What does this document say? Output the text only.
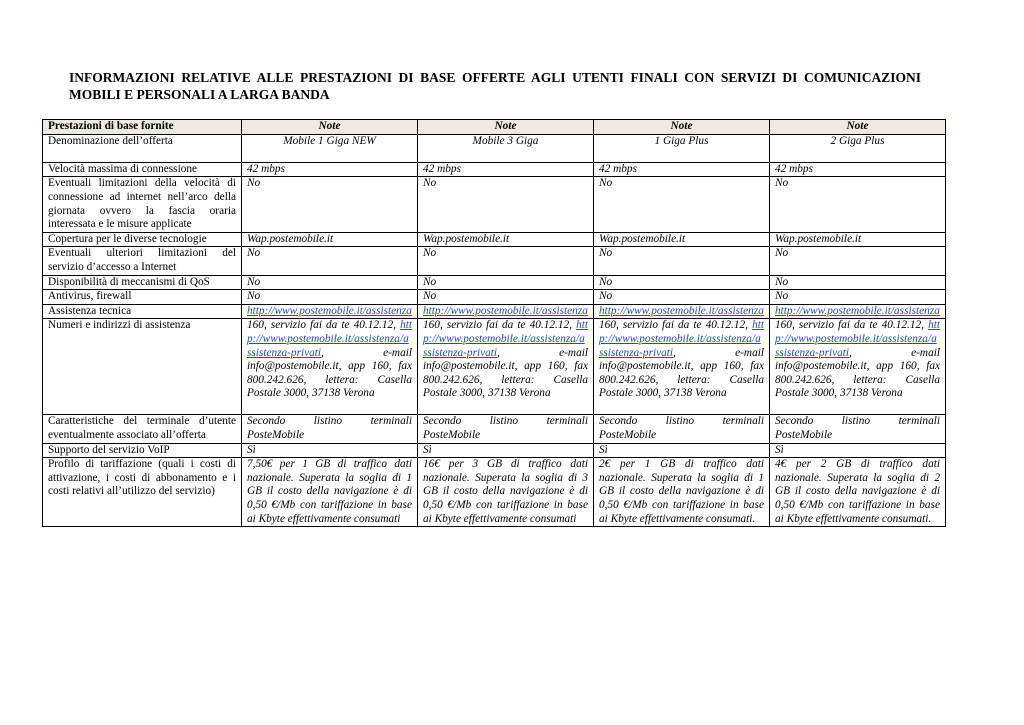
INFORMAZIONI RELATIVE ALLE PRESTAZIONI DI BASE OFFERTE AGLI UTENTI FINALI CON SERVIZI DI COMUNICAZIONI MOBILI E PERSONALI A LARGA BANDA
Prestazioni di base fornite	Note	Note	Note	Note
Denominazione dell’offerta	Mobile 1 Giga NEW	Mobile 3 Giga	1 Giga Plus	2 Giga Plus
Velocità massima di connessione	42 mbps	42 mbps	42 mbps	42 mbps
Eventuali limitazioni della velocità di connessione ad internet nell’arco della giornata ovvero la fascia oraria interessata e le misure applicate	No	No	No	No
Copertura per le diverse tecnologie	Wap.postemobile.it	Wap.postemobile.it	Wap.postemobile.it	Wap.postemobile.it
Eventuali ulteriori limitazioni del servizio d’accesso a Internet	No	No	No	No
Disponibilità di meccanismi di QoS	No	No	No	No
Antivirus, firewall	No	No	No	No
Assistenza tecnica	http://www.postemobile.it/assistenza	http://www.postemobile.it/assistenza	http://www.postemobile.it/assistenza	http://www.postemobile.it/assistenza
Numeri e indirizzi di assistenza	160, servizio fai da te 40.12.12, http://www.postemobile.it/assistenza/assistenza-privati, e-mail info@postemobile.it, app 160, fax 800.242.626, lettera: Casella Postale 3000, 37138 Verona	160, servizio fai da te 40.12.12, http://www.postemobile.it/assistenza/assistenza-privati, e-mail info@postemobile.it, app 160, fax 800.242.626, lettera: Casella Postale 3000, 37138 Verona	160, servizio fai da te 40.12.12, http://www.postemobile.it/assistenza/assistenza-privati, e-mail info@postemobile.it, app 160, fax 800.242.626, lettera: Casella Postale 3000, 37138 Verona	160, servizio fai da te 40.12.12, http://www.postemobile.it/assistenza/assistenza-privati, e-mail info@postemobile.it, app 160, fax 800.242.626, lettera: Casella Postale 3000, 37138 Verona
Caratteristiche del terminale d’utente eventualmente associato all’offerta	Secondo listino terminali PosteMobile	Secondo listino terminali PosteMobile	Secondo listino terminali PosteMobile	Secondo listino terminali PosteMobile
Supporto del servizio VoIP	Sì	Sì	Sì	Sì
Profilo di tariffazione (quali i costi di attivazione, i costi di abbonamento e i costi relativi all’utilizzo del servizio)	7,50€ per 1 GB di traffico dati nazionale. Superata la soglia di 1 GB il costo della navigazione è di 0,50 €/Mb con tariffazione in base ai Kbyte effettivamente consumati	16€ per 3 GB di traffico dati nazionale. Superata la soglia di 3 GB il costo della navigazione è di 0,50 €/Mb con tariffazione in base ai Kbyte effettivamente consumati	2€ per 1 GB di traffico dati nazionale. Superata la soglia di 1 GB il costo della navigazione è di 0,50 €/Mb con tariffazione in base ai Kbyte effettivamente consumati.	4€ per 2 GB di traffico dati nazionale. Superata la soglia di 2 GB il costo della navigazione è di 0,50 €/Mb con tariffazione in base ai Kbyte effettivamente consumati.
